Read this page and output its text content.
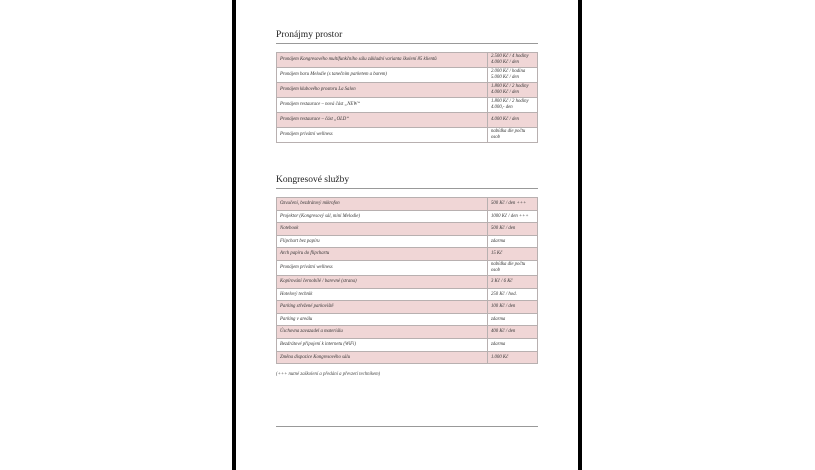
Pronájmy prostor
Pronájem Kongresového multifunkčního sálu základní varianta školení 85 klientů	2.500 Kč / 4 hodiny
4.000 Kč / den
Pronájem baru Melodie (s tanečním parketem a barem)	2.000 Kč / hodina
5.000 Kč / den
Pronájem klubového prostoru La Salon	1.800 Kč / 2 hodiny
4.000 Kč / den
Pronájem restaurace – nová část „NEW“	1.800 Kč / 2 hodiny
4.000,- den
Pronájem restaurace – část „OLD“	4.000 Kč / den
Pronájem privátní wellness	nabídka dle počtu
osob
Kongresové služby
Ozvučení, bezdrátový mikrofon	500 Kč / den +++
Projektor (Kongresový sál, mini Melodie)	1000 Kč / den +++
Notebook	500 Kč / den
Flipchart bez papíru	zdarma
Arch papíru do flipchartu	15 Kč
Pronájem privátní wellness	nabídka dle počtu
osob
Kopírování černobílé / barevné (strana)	3 Kč / 6 Kč
Hotelový technik	250 Kč / hod.
Parking střežené parkoviště	100 Kč / den
Parking v areálu	zdarma
Úschovna zavazadel a materiálu	400 Kč / den
Bezdrátové připojení k internetu (WiFi)	zdarma
Změna dispozice Kongresového sálu	1.000 Kč
(+++ nutné zaškolení a předání a převzetí technikem)
